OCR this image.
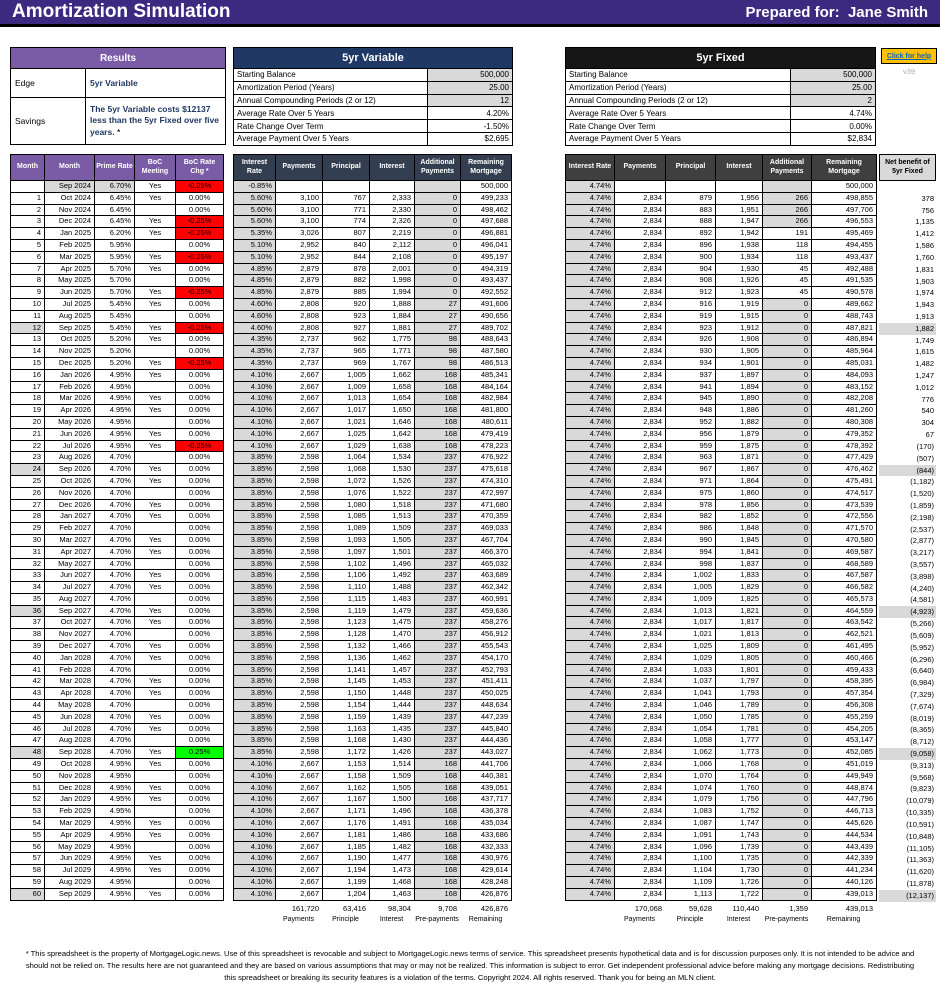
Amortization Simulation	Prepared for:  Jane Smith
Results	
Edge	5yr Variable
Savings	The 5yr Variable costs $12137 less than the 5yr Fixed over five years. *
5yr Variable	
Starting Balance	500,000
Amortization Period (Years)	25.00
Annual Compounding Periods (2 or 12)	12
Average Rate Over 5 Years	4.20%
Rate Change Over Term	-1.50%
Average Payment Over 5 Years	$2,695
5yr Fixed	
Starting Balance	500,000
Amortization Period (Years)	25.00
Annual Compounding Periods (2 or 12)	2
Average Rate Over 5 Years	4.74%
Rate Change Over Term	0.00%
Average Payment Over 5 Years	$2,834
Click for help
v39
Month	Month	Prime Rate	BoC Meeting	BoC Rate Chg *
	Sep 2024	6.70%	Yes	-0.25%
1	Oct 2024	6.45%	Yes	0.00%
2	Nov 2024	6.45%		0.00%
3	Dec 2024	6.45%	Yes	-0.25%
4	Jan 2025	6.20%	Yes	-0.25%
5	Feb 2025	5.95%		0.00%
6	Mar 2025	5.95%	Yes	-0.25%
7	Apr 2025	5.70%	Yes	0.00%
8	May 2025	5.70%		0.00%
9	Jun 2025	5.70%	Yes	-0.25%
10	Jul 2025	5.45%	Yes	0.00%
11	Aug 2025	5.45%		0.00%
12	Sep 2025	5.45%	Yes	-0.25%
13	Oct 2025	5.20%	Yes	0.00%
14	Nov 2025	5.20%		0.00%
15	Dec 2025	5.20%	Yes	-0.25%
16	Jan 2026	4.95%	Yes	0.00%
17	Feb 2026	4.95%		0.00%
18	Mar 2026	4.95%	Yes	0.00%
19	Apr 2026	4.95%	Yes	0.00%
20	May 2026	4.95%		0.00%
21	Jun 2026	4.95%	Yes	0.00%
22	Jul 2026	4.95%	Yes	-0.25%
23	Aug 2026	4.70%		0.00%
24	Sep 2026	4.70%	Yes	0.00%
25	Oct 2026	4.70%	Yes	0.00%
26	Nov 2026	4.70%		0.00%
27	Dec 2026	4.70%	Yes	0.00%
28	Jan 2027	4.70%	Yes	0.00%
29	Feb 2027	4.70%		0.00%
30	Mar 2027	4.70%	Yes	0.00%
31	Apr 2027	4.70%	Yes	0.00%
32	May 2027	4.70%		0.00%
33	Jun 2027	4.70%	Yes	0.00%
34	Jul 2027	4.70%	Yes	0.00%
35	Aug 2027	4.70%		0.00%
36	Sep 2027	4.70%	Yes	0.00%
37	Oct 2027	4.70%	Yes	0.00%
38	Nov 2027	4.70%		0.00%
39	Dec 2027	4.70%	Yes	0.00%
40	Jan 2028	4.70%	Yes	0.00%
41	Feb 2028	4.70%		0.00%
42	Mar 2028	4.70%	Yes	0.00%
43	Apr 2028	4.70%	Yes	0.00%
44	May 2028	4.70%		0.00%
45	Jun 2028	4.70%	Yes	0.00%
46	Jul 2028	4.70%	Yes	0.00%
47	Aug 2028	4.70%		0.00%
48	Sep 2028	4.70%	Yes	0.25%
49	Oct 2028	4.95%	Yes	0.00%
50	Nov 2028	4.95%		0.00%
51	Dec 2028	4.95%	Yes	0.00%
52	Jan 2029	4.95%	Yes	0.00%
53	Feb 2029	4.95%		0.00%
54	Mar 2029	4.95%	Yes	0.00%
55	Apr 2029	4.95%	Yes	0.00%
56	May 2029	4.95%		0.00%
57	Jun 2029	4.95%	Yes	0.00%
58	Jul 2029	4.95%	Yes	0.00%
59	Aug 2029	4.95%		0.00%
60	Sep 2029	4.95%	Yes	0.00%
Interest Rate	Payments	Principal	Interest	Additional Payments	Remaining Mortgage
-0.85%					500,000
5.60%	3,100	767	2,333	0	499,233
5.60%	3,100	771	2,330	0	498,462
5.60%	3,100	774	2,326	0	497,688
5.35%	3,026	807	2,219	0	496,881
5.10%	2,952	840	2,112	0	496,041
5.10%	2,952	844	2,108	0	495,197
4.85%	2,879	878	2,001	0	494,319
4.85%	2,879	882	1,998	0	493,437
4.85%	2,879	885	1,994	0	492,552
4.60%	2,808	920	1,888	27	491,606
4.60%	2,808	923	1,884	27	490,656
4.60%	2,808	927	1,881	27	489,702
4.35%	2,737	962	1,775	98	488,643
4.35%	2,737	965	1,771	98	487,580
4.35%	2,737	969	1,767	98	486,513
4.10%	2,667	1,005	1,662	168	485,341
4.10%	2,667	1,009	1,658	168	484,164
4.10%	2,667	1,013	1,654	168	482,984
4.10%	2,667	1,017	1,650	168	481,800
4.10%	2,667	1,021	1,646	168	480,611
4.10%	2,667	1,025	1,642	168	479,419
4.10%	2,667	1,029	1,638	168	478,223
3.85%	2,598	1,064	1,534	237	476,922
3.85%	2,598	1,068	1,530	237	475,618
3.85%	2,598	1,072	1,526	237	474,310
3.85%	2,598	1,076	1,522	237	472,997
3.85%	2,598	1,080	1,518	237	471,680
3.85%	2,598	1,085	1,513	237	470,359
3.85%	2,598	1,089	1,509	237	469,033
3.85%	2,598	1,093	1,505	237	467,704
3.85%	2,598	1,097	1,501	237	466,370
3.85%	2,598	1,102	1,496	237	465,032
3.85%	2,598	1,106	1,492	237	463,689
3.85%	2,598	1,110	1,488	237	462,342
3.85%	2,598	1,115	1,483	237	460,991
3.85%	2,598	1,119	1,479	237	459,636
3.85%	2,598	1,123	1,475	237	458,276
3.85%	2,598	1,128	1,470	237	456,912
3.85%	2,598	1,132	1,466	237	455,543
3.85%	2,598	1,136	1,462	237	454,170
3.85%	2,598	1,141	1,457	237	452,793
3.85%	2,598	1,145	1,453	237	451,411
3.85%	2,598	1,150	1,448	237	450,025
3.85%	2,598	1,154	1,444	237	448,634
3.85%	2,598	1,159	1,439	237	447,239
3.85%	2,598	1,163	1,435	237	445,840
3.85%	2,598	1,168	1,430	237	444,436
3.85%	2,598	1,172	1,426	237	443,027
4.10%	2,667	1,153	1,514	168	441,706
4.10%	2,667	1,158	1,509	168	440,381
4.10%	2,667	1,162	1,505	168	439,051
4.10%	2,667	1,167	1,500	168	437,717
4.10%	2,667	1,171	1,496	168	436,378
4.10%	2,667	1,176	1,491	168	435,034
4.10%	2,667	1,181	1,486	168	433,686
4.10%	2,667	1,185	1,482	168	432,333
4.10%	2,667	1,190	1,477	168	430,976
4.10%	2,667	1,194	1,473	168	429,614
4.10%	2,667	1,199	1,468	168	428,248
4.10%	2,667	1,204	1,463	168	426,876
Interest Rate	Payments	Principal	Interest	Additional Payments	Remaining Mortgage
4.74%					500,000
4.74%	2,834	879	1,956	266	498,855
4.74%	2,834	883	1,951	266	497,706
4.74%	2,834	888	1,947	266	496,553
4.74%	2,834	892	1,942	191	495,469
4.74%	2,834	896	1,938	118	494,455
4.74%	2,834	900	1,934	118	493,437
4.74%	2,834	904	1,930	45	492,488
4.74%	2,834	908	1,926	45	491,535
4.74%	2,834	912	1,923	45	490,578
4.74%	2,834	916	1,919	0	489,662
4.74%	2,834	919	1,915	0	488,743
4.74%	2,834	923	1,912	0	487,821
4.74%	2,834	926	1,908	0	486,894
4.74%	2,834	930	1,905	0	485,964
4.74%	2,834	934	1,901	0	485,031
4.74%	2,834	937	1,897	0	484,093
4.74%	2,834	941	1,894	0	483,152
4.74%	2,834	945	1,890	0	482,208
4.74%	2,834	948	1,886	0	481,260
4.74%	2,834	952	1,882	0	480,308
4.74%	2,834	956	1,879	0	479,352
4.74%	2,834	959	1,875	0	478,392
4.74%	2,834	963	1,871	0	477,429
4.74%	2,834	967	1,867	0	476,462
4.74%	2,834	971	1,864	0	475,491
4.74%	2,834	975	1,860	0	474,517
4.74%	2,834	978	1,856	0	473,539
4.74%	2,834	982	1,852	0	472,556
4.74%	2,834	986	1,848	0	471,570
4.74%	2,834	990	1,845	0	470,580
4.74%	2,834	994	1,841	0	469,587
4.74%	2,834	998	1,837	0	468,589
4.74%	2,834	1,002	1,833	0	467,587
4.74%	2,834	1,005	1,829	0	466,582
4.74%	2,834	1,009	1,825	0	465,573
4.74%	2,834	1,013	1,821	0	464,559
4.74%	2,834	1,017	1,817	0	463,542
4.74%	2,834	1,021	1,813	0	462,521
4.74%	2,834	1,025	1,809	0	461,495
4.74%	2,834	1,029	1,805	0	460,466
4.74%	2,834	1,033	1,801	0	459,433
4.74%	2,834	1,037	1,797	0	458,395
4.74%	2,834	1,041	1,793	0	457,354
4.74%	2,834	1,046	1,789	0	456,308
4.74%	2,834	1,050	1,785	0	455,259
4.74%	2,834	1,054	1,781	0	454,205
4.74%	2,834	1,058	1,777	0	453,147
4.74%	2,834	1,062	1,773	0	452,085
4.74%	2,834	1,066	1,768	0	451,019
4.74%	2,834	1,070	1,764	0	449,949
4.74%	2,834	1,074	1,760	0	448,874
4.74%	2,834	1,079	1,756	0	447,796
4.74%	2,834	1,083	1,752	0	446,713
4.74%	2,834	1,087	1,747	0	445,626
4.74%	2,834	1,091	1,743	0	444,534
4.74%	2,834	1,096	1,739	0	443,439
4.74%	2,834	1,100	1,735	0	442,339
4.74%	2,834	1,104	1,730	0	441,234
4.74%	2,834	1,109	1,726	0	440,126
4.74%	2,834	1,113	1,722	0	439,013
Net benefit of 5yr Fixed
378
756
1,135
1,412
1,586
1,760
1,831
1,903
1,974
1,943
1,913
1,882
1,749
1,615
1,482
1,247
1,012
776
540
304
67
(170)
(507)
(844)
(1,182)
(1,520)
(1,859)
(2,198)
(2,537)
(2,877)
(3,217)
(3,557)
(3,898)
(4,240)
(4,581)
(4,923)
(5,266)
(5,609)
(5,952)
(6,296)
(6,640)
(6,984)
(7,329)
(7,674)
(8,019)
(8,365)
(8,712)
(9,058)
(9,313)
(9,568)
(9,823)
(10,079)
(10,335)
(10,591)
(10,848)
(11,105)
(11,363)
(11,620)
(11,878)
(12,137)
161,720	63,416	98,304	9,708	426,876
Payments	Principle	Interest	Pre-payments	Remaining
170,068	59,628	110,440	1,359	439,013
Payments	Principle	Interest	Pre-payments	Remaining
* This spreadsheet is the property of MortgageLogic.news. Use of this spreadsheet is revocable and subject to MortgageLogic.news terms of service. This spreadsheet presents hypothetical data and is for discussion purposes only. It is not intended to be advice and should not be relied on. The results here are not guaranteed and they are based on various assumptions that may or may not be realized. This information is subject to error. Get independent professional advice before making any mortgage decisions. Redistributing this spreadsheet or breaking its security features is a violation of the terms. Copyright 2024. All rights reserved. Thank you for being an MLN client.
